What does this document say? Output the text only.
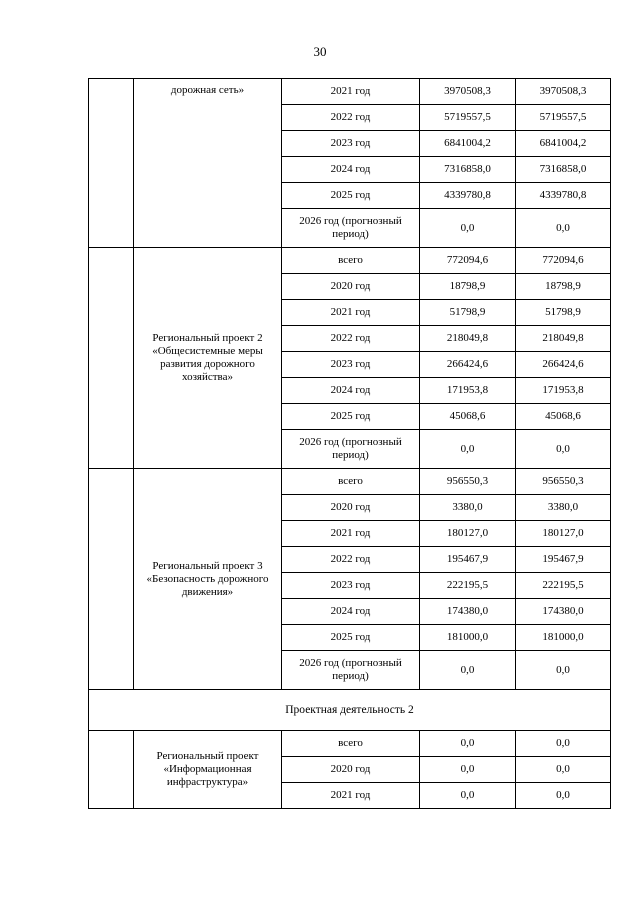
30
	дорожная сеть»	2021 год	3970508,3	3970508,3
		2022 год	5719557,5	5719557,5
		2023 год	6841004,2	6841004,2
		2024 год	7316858,0	7316858,0
		2025 год	4339780,8	4339780,8
		2026 год (прогнозный период)	0,0	0,0
	Региональный проект 2 «Общесистемные меры развития дорожного хозяйства»	всего	772094,6	772094,6
		2020 год	18798,9	18798,9
		2021 год	51798,9	51798,9
		2022 год	218049,8	218049,8
		2023 год	266424,6	266424,6
		2024 год	171953,8	171953,8
		2025 год	45068,6	45068,6
		2026 год (прогнозный период)	0,0	0,0
	Региональный проект 3 «Безопасность дорожного движения»	всего	956550,3	956550,3
		2020 год	3380,0	3380,0
		2021 год	180127,0	180127,0
		2022 год	195467,9	195467,9
		2023 год	222195,5	222195,5
		2024 год	174380,0	174380,0
		2025 год	181000,0	181000,0
		2026 год (прогнозный период)	0,0	0,0
Проектная деятельность 2				
	Региональный проект «Информационная инфраструктура»	всего	0,0	0,0
		2020 год	0,0	0,0
		2021 год	0,0	0,0
